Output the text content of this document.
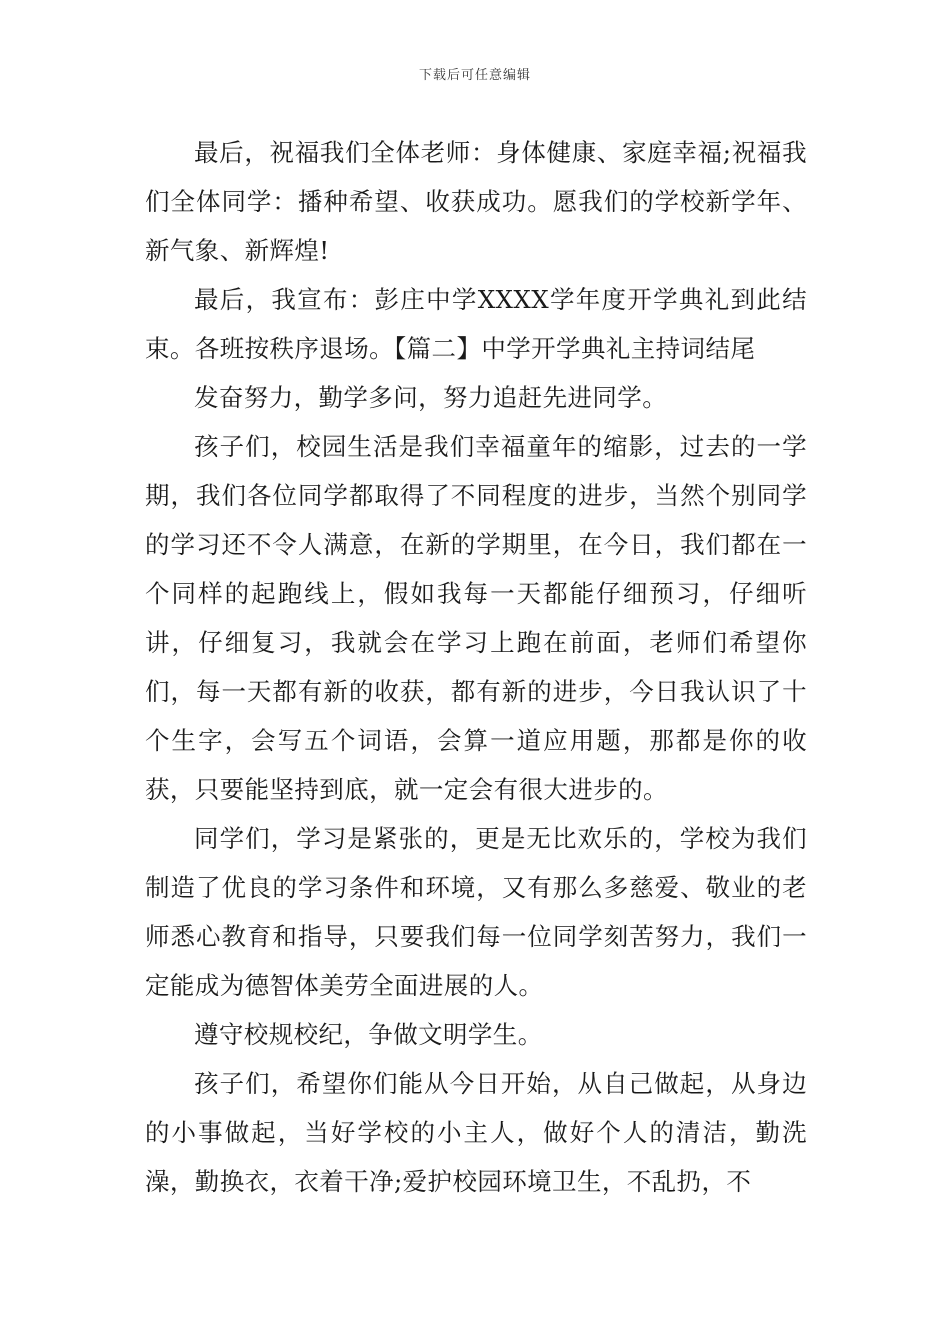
下载后可任意编辑

最后，祝福我们全体老师：身体健康、家庭幸福;祝福我们全体同学：播种希望、收获成功。愿我们的学校新学年、新气象、新辉煌!

最后，我宣布：彭庄中学XXXX学年度开学典礼到此结束。各班按秩序退场。【篇二】中学开学典礼主持词结尾

发奋努力，勤学多问，努力追赶先进同学。

孩子们，校园生活是我们幸福童年的缩影，过去的一学期，我们各位同学都取得了不同程度的进步，当然个别同学的学习还不令人满意，在新的学期里，在今日，我们都在一个同样的起跑线上，假如我每一天都能仔细预习，仔细听讲，仔细复习，我就会在学习上跑在前面，老师们希望你们，每一天都有新的收获，都有新的进步，今日我认识了十个生字，会写五个词语，会算一道应用题，那都是你的收获，只要能坚持到底，就一定会有很大进步的。

同学们，学习是紧张的，更是无比欢乐的，学校为我们制造了优良的学习条件和环境，又有那么多慈爱、敬业的老师悉心教育和指导，只要我们每一位同学刻苦努力，我们一定能成为德智体美劳全面进展的人。

遵守校规校纪，争做文明学生。

孩子们，希望你们能从今日开始，从自己做起，从身边的小事做起，当好学校的小主人，做好个人的清洁，勤洗澡，勤换衣，衣着干净;爱护校园环境卫生，不乱扔，不
